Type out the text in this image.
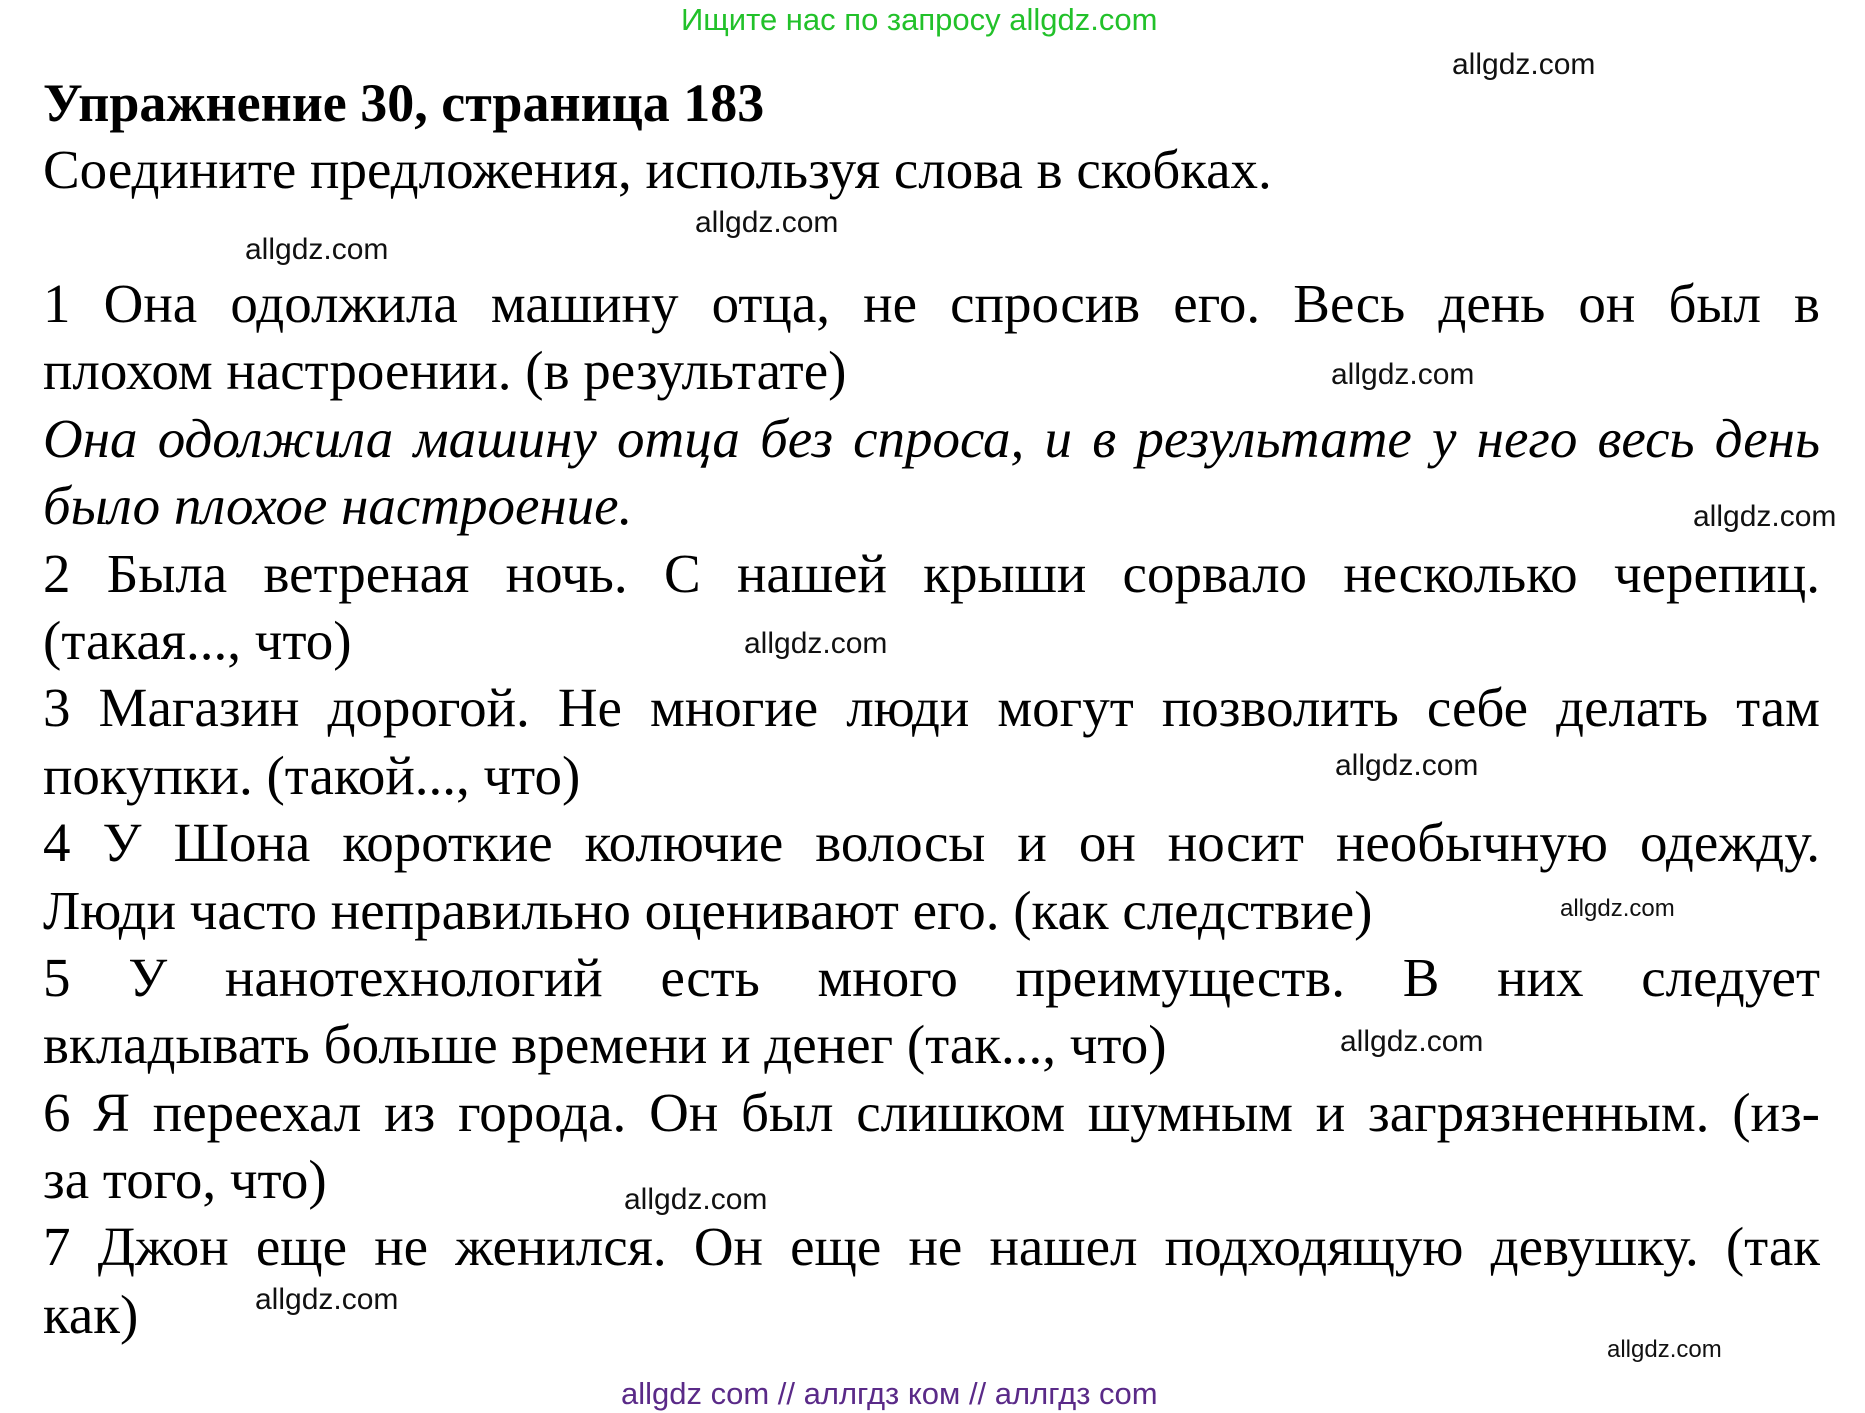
Ищите нас по запросу allgdz.com
allgdz.com
allgdz.com
allgdz.com
allgdz.com
allgdz.com
allgdz.com
allgdz.com
allgdz.com
allgdz.com
allgdz.com
allgdz.com
allgdz.com
Упражнение 30, страница 183
Соедините предложения, используя слова в скобках.
1 Она одолжила машину отца, не спросив его. Весь день он был в
плохом настроении. (в результате)
Она одолжила машину отца без спроса, и в результате у него весь день
было плохое настроение.
2 Была ветреная ночь. С нашей крыши сорвало несколько черепиц.
(такая..., что)
3 Магазин дорогой. Не многие люди могут позволить себе делать там
покупки. (такой..., что)
4 У Шона короткие колючие волосы и он носит необычную одежду.
Люди часто неправильно оценивают его. (как следствие)
5 У нанотехнологий есть много преимуществ. В них следует
вкладывать больше времени и денег (так..., что)
6 Я переехал из города. Он был слишком шумным и загрязненным. (из-
за того, что)
7 Джон еще не женился. Он еще не нашел подходящую девушку. (так
как)
allgdz com // аллгдз ком // аллгдз com
